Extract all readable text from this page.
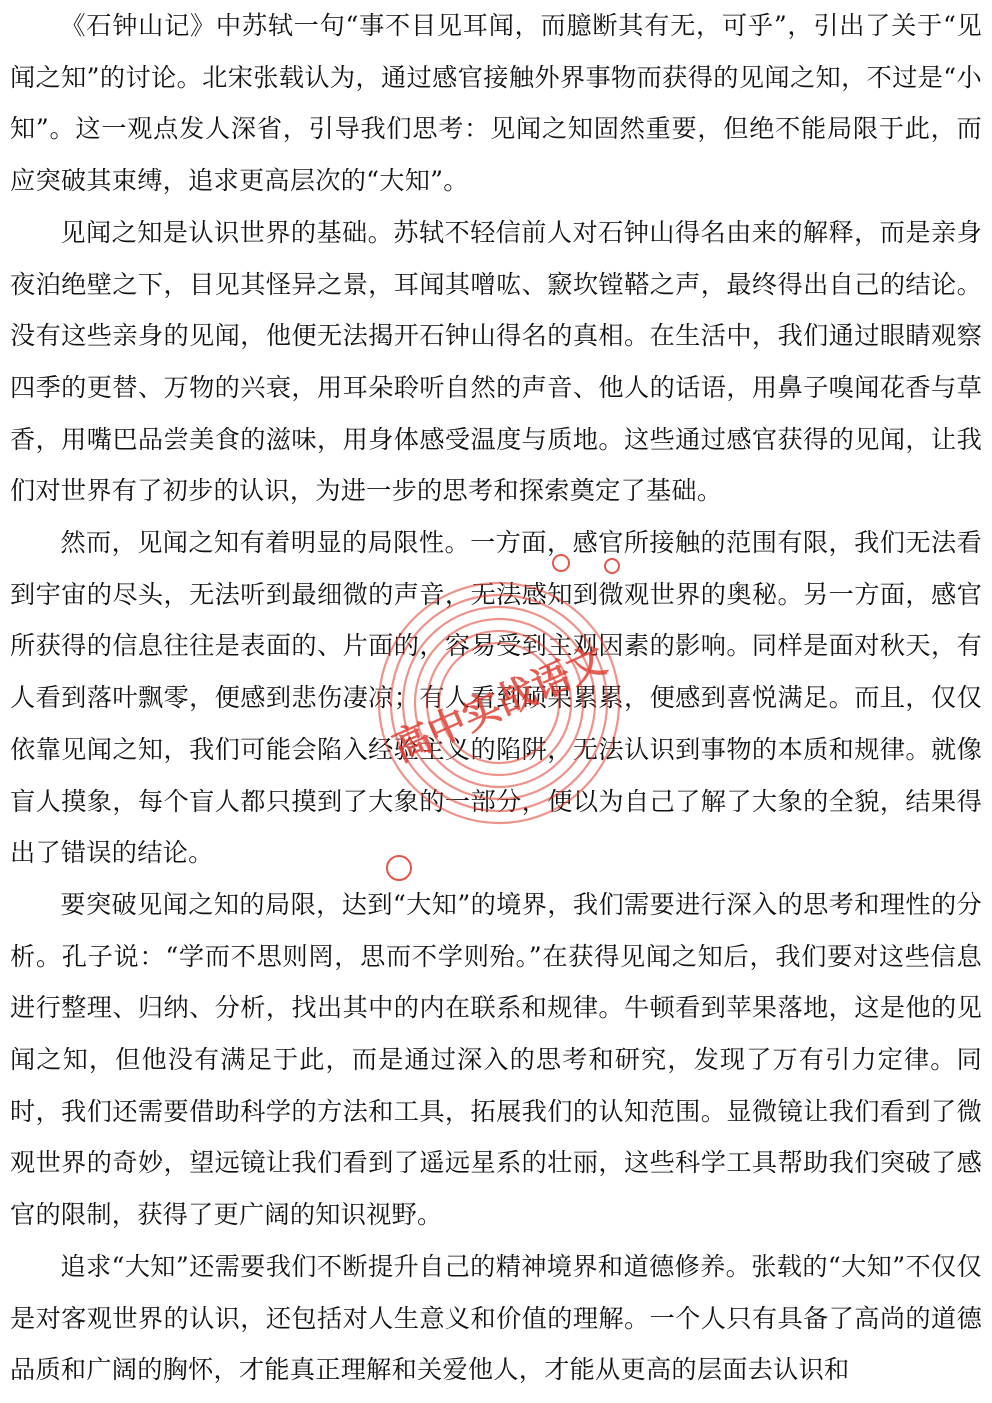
《石钟山记》中苏轼一句“事不目见耳闻，而臆断其有无，可乎”，引出了关于“见闻之知”的讨论。北宋张载认为，通过感官接触外界事物而获得的见闻之知，不过是“小知”。这一观点发人深省，引导我们思考：见闻之知固然重要，但绝不能局限于此，而应突破其束缚，追求更高层次的“大知”。

见闻之知是认识世界的基础。苏轼不轻信前人对石钟山得名由来的解释，而是亲身夜泊绝壁之下，目见其怪异之景，耳闻其噌吰、窾坎镗鞳之声，最终得出自己的结论。没有这些亲身的见闻，他便无法揭开石钟山得名的真相。在生活中，我们通过眼睛观察四季的更替、万物的兴衰，用耳朵聆听自然的声音、他人的话语，用鼻子嗅闻花香与草香，用嘴巴品尝美食的滋味，用身体感受温度与质地。这些通过感官获得的见闻，让我们对世界有了初步的认识，为进一步的思考和探索奠定了基础。

然而，见闻之知有着明显的局限性。一方面，感官所接触的范围有限，我们无法看到宇宙的尽头，无法听到最细微的声音，无法感知到微观世界的奥秘。另一方面，感官所获得的信息往往是表面的、片面的，容易受到主观因素的影响。同样是面对秋天，有人看到落叶飘零，便感到悲伤凄凉；有人看到硕果累累，便感到喜悦满足。而且，仅仅依靠见闻之知，我们可能会陷入经验主义的陷阱，无法认识到事物的本质和规律。就像盲人摸象，每个盲人都只摸到了大象的一部分，便以为自己了解了大象的全貌，结果得出了错误的结论。

要突破见闻之知的局限，达到“大知”的境界，我们需要进行深入的思考和理性的分析。孔子说：“学而不思则罔，思而不学则殆。”在获得见闻之知后，我们要对这些信息进行整理、归纳、分析，找出其中的内在联系和规律。牛顿看到苹果落地，这是他的见闻之知，但他没有满足于此，而是通过深入的思考和研究，发现了万有引力定律。同时，我们还需要借助科学的方法和工具，拓展我们的认知范围。显微镜让我们看到了微观世界的奇妙，望远镜让我们看到了遥远星系的壮丽，这些科学工具帮助我们突破了感官的限制，获得了更广阔的知识视野。

追求“大知”还需要我们不断提升自己的精神境界和道德修养。张载的“大知”不仅仅是对客观世界的认识，还包括对人生意义和价值的理解。一个人只有具备了高尚的道德品质和广阔的胸怀，才能真正理解和关爱他人，才能从更高的层面去认识和

高中实战语文
